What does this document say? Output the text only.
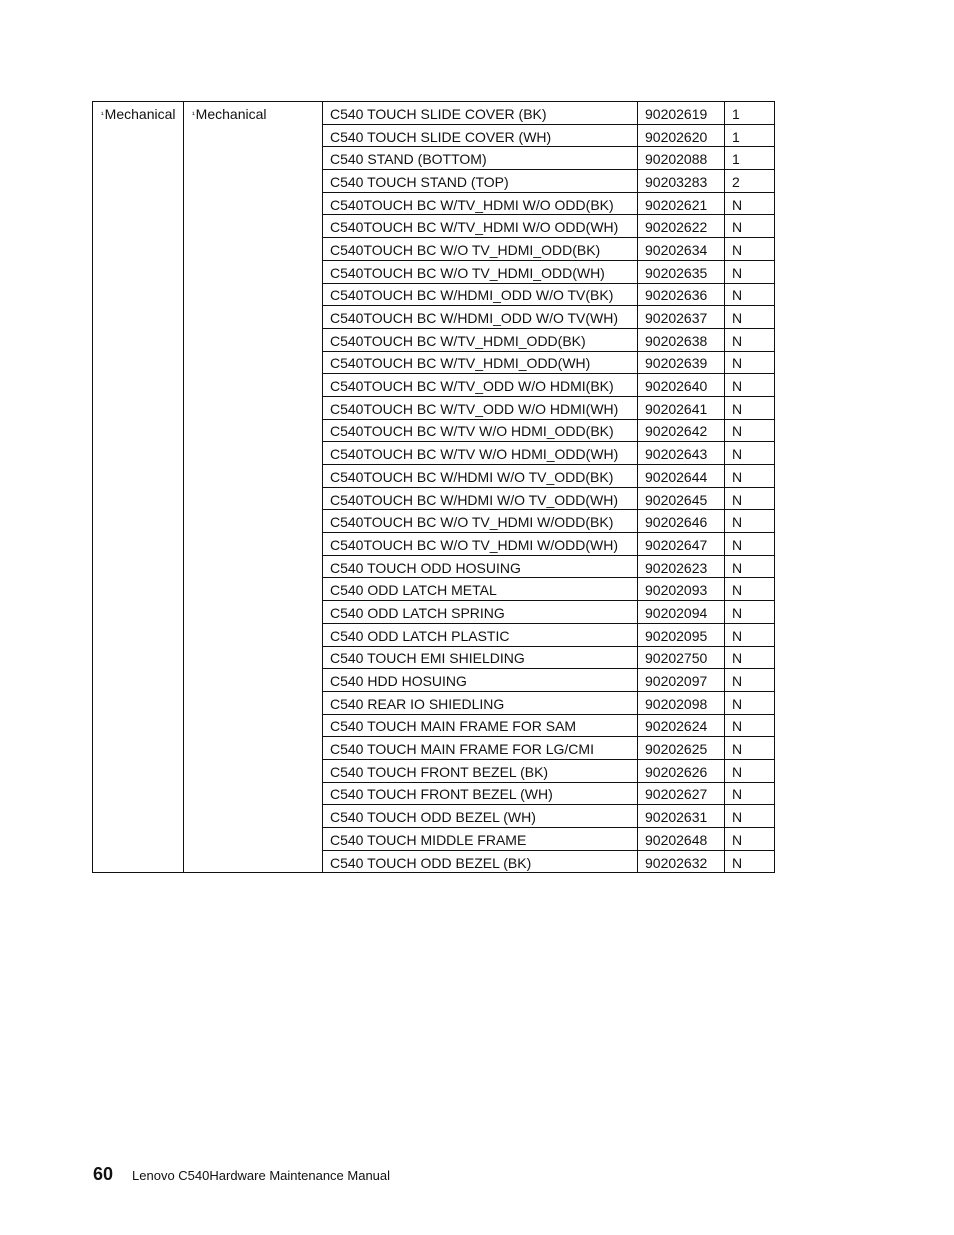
$^{^1}$Mechanical	$^{^1}$Mechanical	C540 TOUCH SLIDE COVER (BK)	90202619	1
		C540 TOUCH SLIDE COVER (WH)	90202620	1
		C540 STAND (BOTTOM)	90202088	1
		C540 TOUCH STAND (TOP)	90203283	2
		C540TOUCH BC W/TV_HDMI W/O ODD(BK)	90202621	N
		C540TOUCH BC W/TV_HDMI W/O ODD(WH)	90202622	N
		C540TOUCH BC W/O TV_HDMI_ODD(BK)	90202634	N
		C540TOUCH BC W/O TV_HDMI_ODD(WH)	90202635	N
		C540TOUCH BC W/HDMI_ODD W/O TV(BK)	90202636	N
		C540TOUCH BC W/HDMI_ODD W/O TV(WH)	90202637	N
		C540TOUCH BC W/TV_HDMI_ODD(BK)	90202638	N
		C540TOUCH BC W/TV_HDMI_ODD(WH)	90202639	N
		C540TOUCH BC W/TV_ODD W/O HDMI(BK)	90202640	N
		C540TOUCH BC W/TV_ODD W/O HDMI(WH)	90202641	N
		C540TOUCH BC W/TV W/O HDMI_ODD(BK)	90202642	N
		C540TOUCH BC W/TV W/O HDMI_ODD(WH)	90202643	N
		C540TOUCH BC W/HDMI W/O TV_ODD(BK)	90202644	N
		C540TOUCH BC W/HDMI W/O TV_ODD(WH)	90202645	N
		C540TOUCH BC W/O TV_HDMI W/ODD(BK)	90202646	N
		C540TOUCH BC W/O TV_HDMI W/ODD(WH)	90202647	N
		C540 TOUCH ODD HOSUING	90202623	N
		C540 ODD LATCH METAL	90202093	N
		C540 ODD LATCH SPRING	90202094	N
		C540 ODD LATCH PLASTIC	90202095	N
		C540 TOUCH EMI SHIELDING	90202750	N
		C540 HDD HOSUING	90202097	N
		C540 REAR IO SHIEDLING	90202098	N
		C540 TOUCH MAIN FRAME FOR SAM	90202624	N
		C540 TOUCH MAIN FRAME FOR LG/CMI	90202625	N
		C540 TOUCH FRONT BEZEL (BK)	90202626	N
		C540 TOUCH FRONT BEZEL (WH)	90202627	N
		C540 TOUCH ODD BEZEL (WH)	90202631	N
		C540 TOUCH MIDDLE FRAME	90202648	N
		C540 TOUCH ODD BEZEL (BK)	90202632	N
60 Lenovo C540Hardware Maintenance Manual
